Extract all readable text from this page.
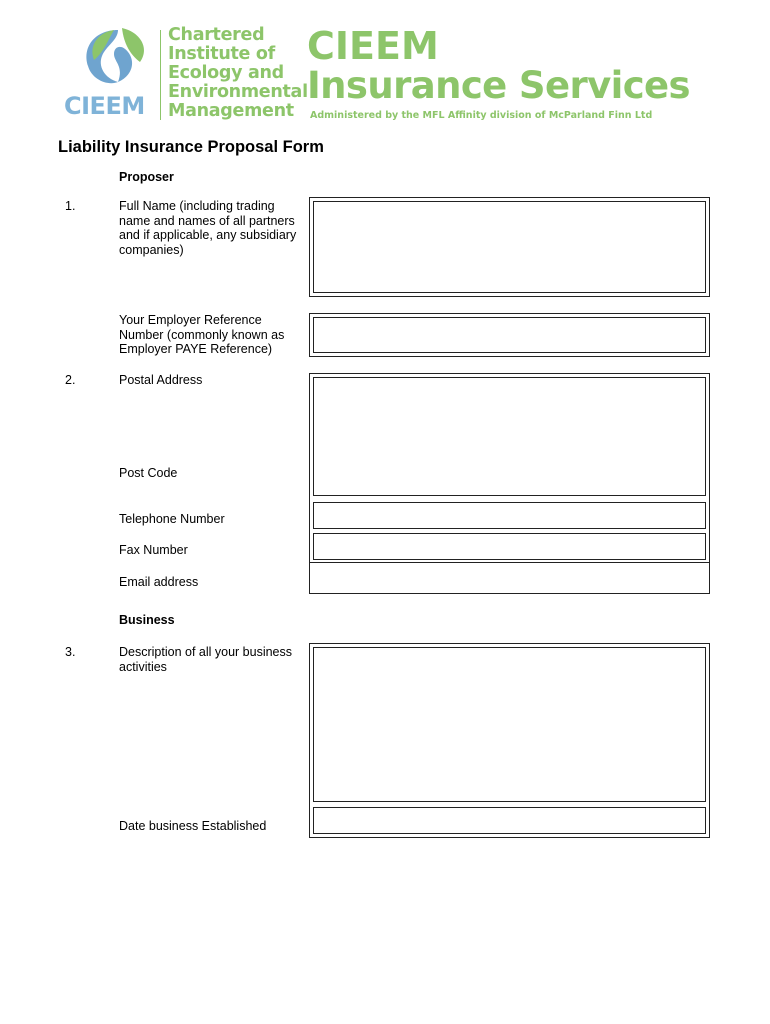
CIEEM
Chartered
Institute of
Ecology and
Environmental
Management
CIEEM
Insurance Services
Administered by the MFL Affinity division of McParland Finn Ltd
Liability Insurance Proposal Form
Proposer
1.	Full Name (including trading
name and names of all partners
and if applicable, any subsidiary
companies)
Your Employer Reference
Number (commonly known as
Employer PAYE Reference)
2.	Postal Address
Post Code
Telephone Number
Fax Number
Email address
Business
3.	Description of all your business
activities
Date business Established
